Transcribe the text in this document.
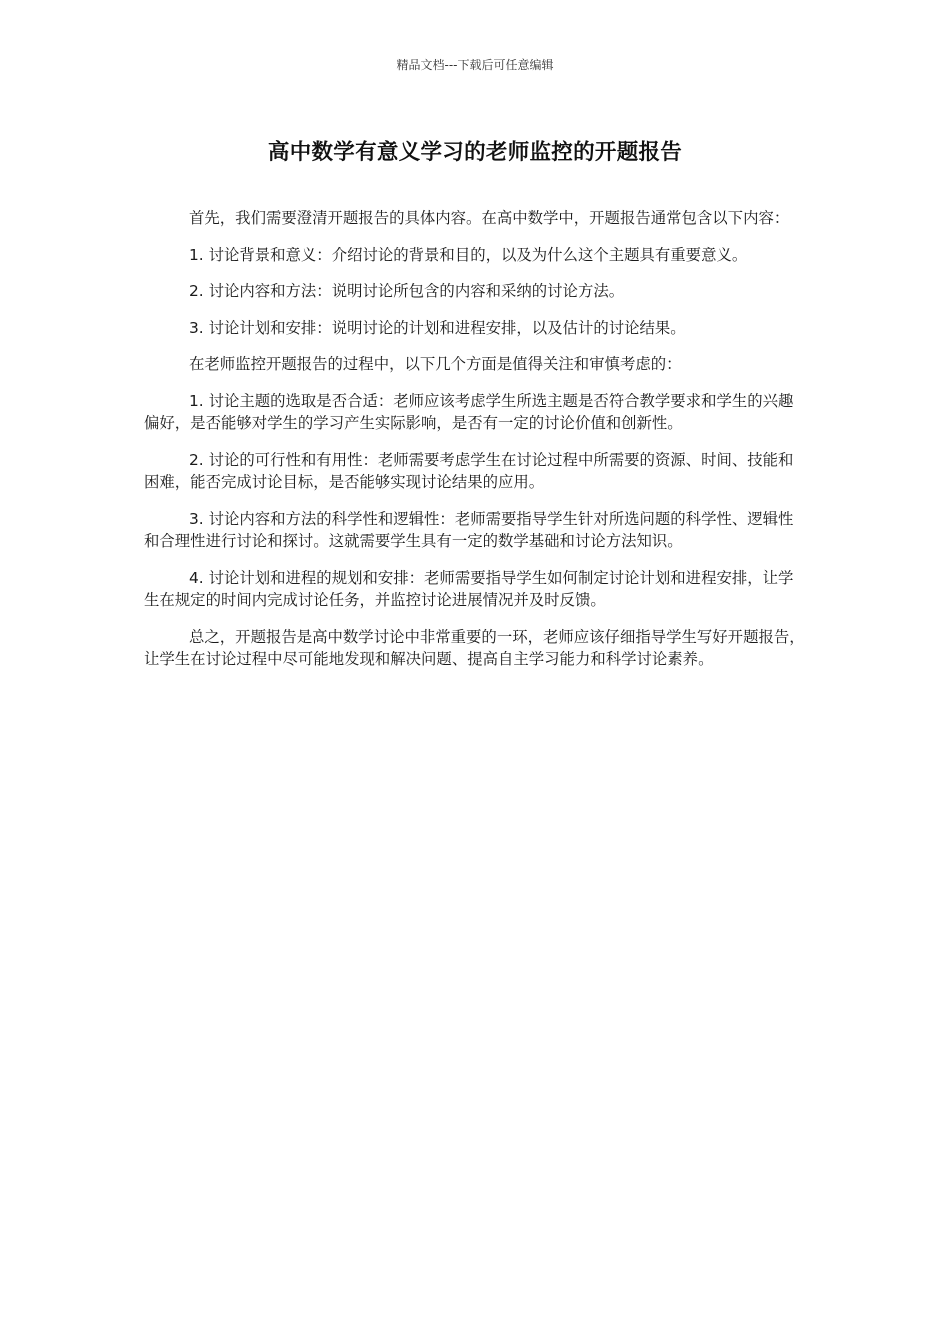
精品文档---下载后可任意编辑
高中数学有意义学习的老师监控的开题报告

首先，我们需要澄清开题报告的具体内容。在高中数学中，开题报告通常包含以下内容：

1. 讨论背景和意义：介绍讨论的背景和目的，以及为什么这个主题具有重要意义。

2. 讨论内容和方法：说明讨论所包含的内容和采纳的讨论方法。

3. 讨论计划和安排：说明讨论的计划和进程安排，以及估计的讨论结果。

在老师监控开题报告的过程中，以下几个方面是值得关注和审慎考虑的：

1. 讨论主题的选取是否合适：老师应该考虑学生所选主题是否符合教学要求和学生的兴趣偏好，是否能够对学生的学习产生实际影响，是否有一定的讨论价值和创新性。

2. 讨论的可行性和有用性：老师需要考虑学生在讨论过程中所需要的资源、时间、技能和困难，能否完成讨论目标，是否能够实现讨论结果的应用。

3. 讨论内容和方法的科学性和逻辑性：老师需要指导学生针对所选问题的科学性、逻辑性和合理性进行讨论和探讨。这就需要学生具有一定的数学基础和讨论方法知识。

4. 讨论计划和进程的规划和安排：老师需要指导学生如何制定讨论计划和进程安排，让学生在规定的时间内完成讨论任务，并监控讨论进展情况并及时反馈。

总之，开题报告是高中数学讨论中非常重要的一环，老师应该仔细指导学生写好开题报告，让学生在讨论过程中尽可能地发现和解决问题、提高自主学习能力和科学讨论素养。
